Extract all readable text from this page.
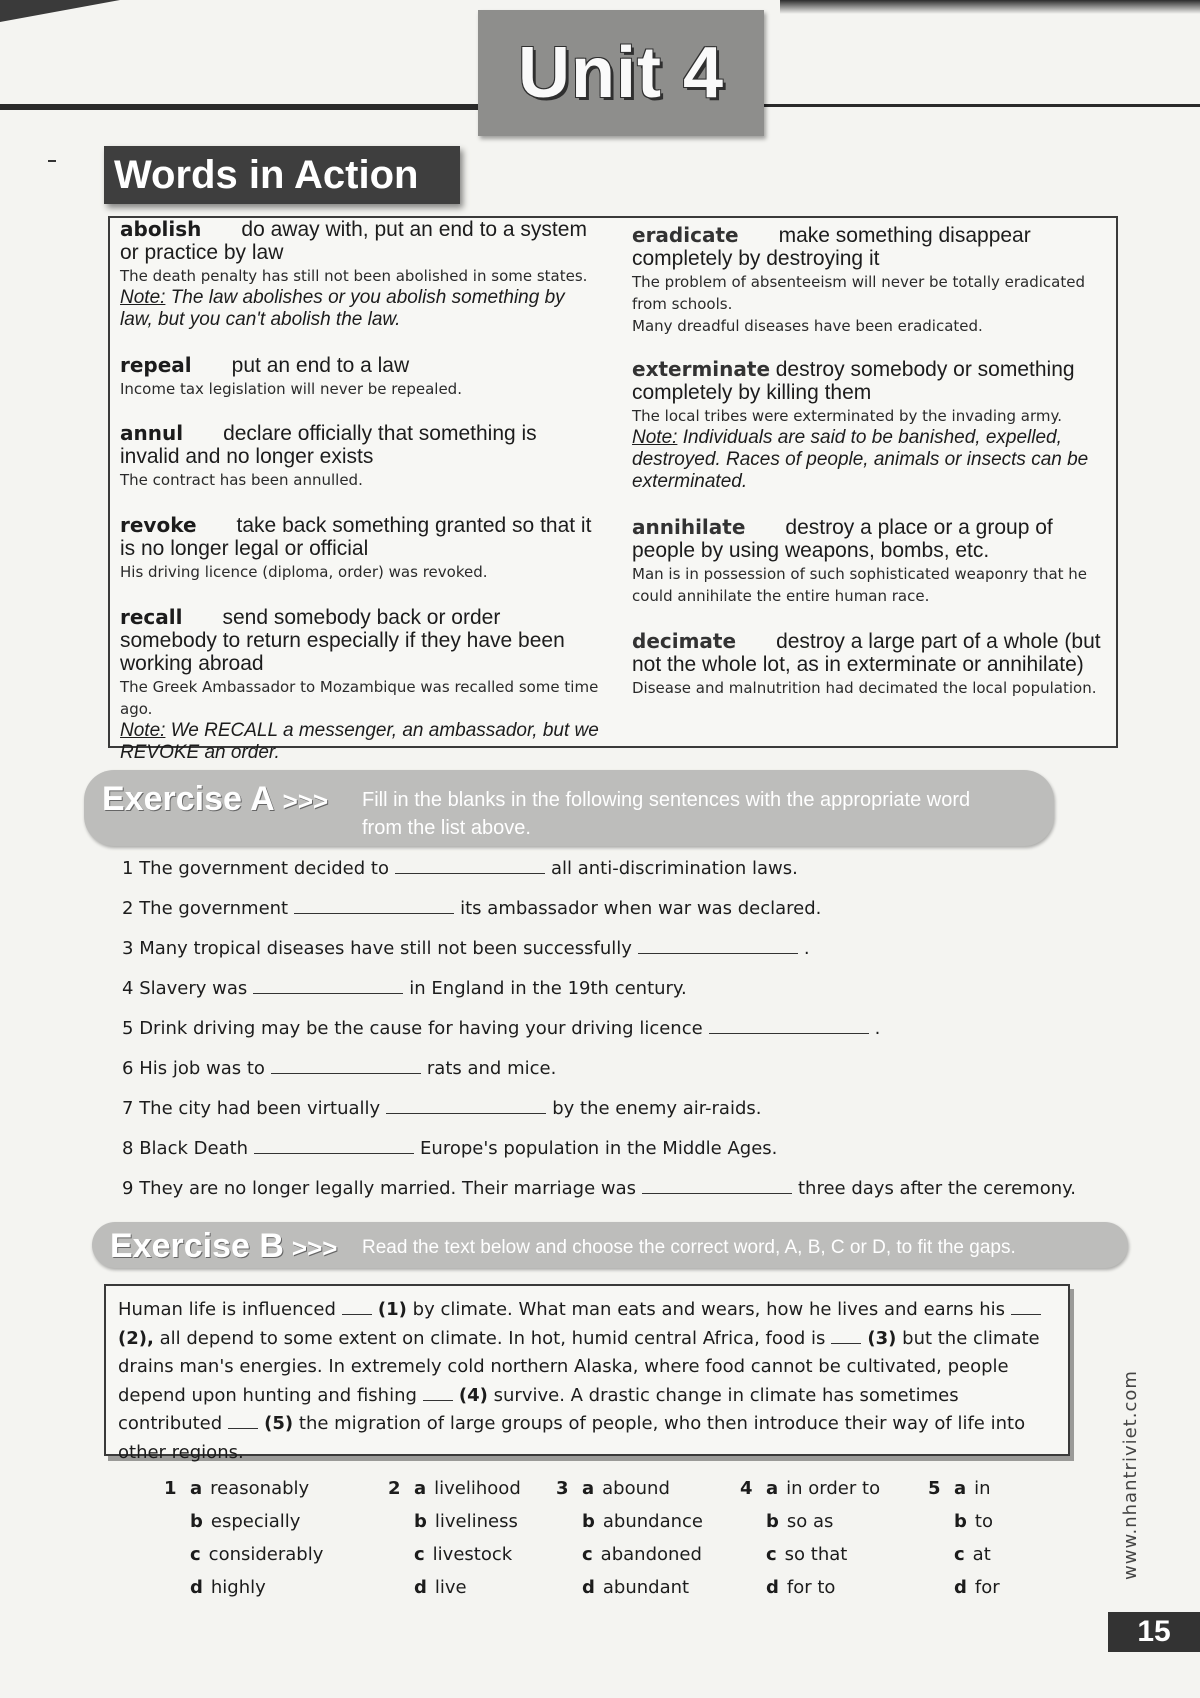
Unit 4
Words in Action
abolish do away with, put an end to a system or practice by law
The death penalty has still not been abolished in some states.
Note: The law abolishes or you abolish something by law, but you can't abolish the law.
repeal put an end to a law
Income tax legislation will never be repealed.
annul declare officially that something is invalid and no longer exists
The contract has been annulled.
revoke take back something granted so that it is no longer legal or official
His driving licence (diploma, order) was revoked.
recall send somebody back or order somebody to return especially if they have been working abroad
The Greek Ambassador to Mozambique was recalled some time ago.
Note: We RECALL a messenger, an ambassador, but we REVOKE an order.
eradicate make something disappear completely by destroying it
The problem of absenteeism will never be totally eradicated from schools.
Many dreadful diseases have been eradicated.
exterminate destroy somebody or something completely by killing them
The local tribes were exterminated by the invading army.
Note: Individuals are said to be banished, expelled, destroyed. Races of people, animals or insects can be exterminated.
annihilate destroy a place or a group of people by using weapons, bombs, etc.
Man is in possession of such sophisticated weaponry that he could annihilate the entire human race.
decimate destroy a large part of a whole (but not the whole lot, as in exterminate or annihilate)
Disease and malnutrition had decimated the local population.
Exercise A >>> Fill in the blanks in the following sentences with the appropriate word
from the list above.
1 The government decided to	all anti-discrimination laws.
2 The government	its ambassador when war was declared.
3 Many tropical diseases have still not been successfully	.
4 Slavery was	in England in the 19th century.
5 Drink driving may be the cause for having your driving licence	.
6 His job was to	rats and mice.
7 The city had been virtually	by the enemy air-raids.
8 Black Death	Europe's population in the Middle Ages.
9 They are no longer legally married. Their marriage was	three days after the ceremony.
Exercise B >>> Read the text below and choose the correct word, A, B, C or D, to fit the gaps.
Human life is influenced (1) by climate. What man eats and wears, how he lives and earns his(2), all depend to some extent on climate. In hot, humid central Africa, food is (3) but the climate drains man's energies. In extremely cold northern Alaska, where food cannot be cultivated, people depend upon hunting and fishing (4) survive. A drastic change in climate has sometimes contributed (5) the migration of large groups of people, who then introduce their way of life into other regions.
1 a reasonably
b especially
c considerably
d highly
2 a livelihood
b liveliness
c livestock
d live
3 a abound
b abundance
c abandoned
d abundant
4 a in order to
b so as
c so that
d for to
5 a in
b to
c at
d for
www.nhantriviet.com
15
